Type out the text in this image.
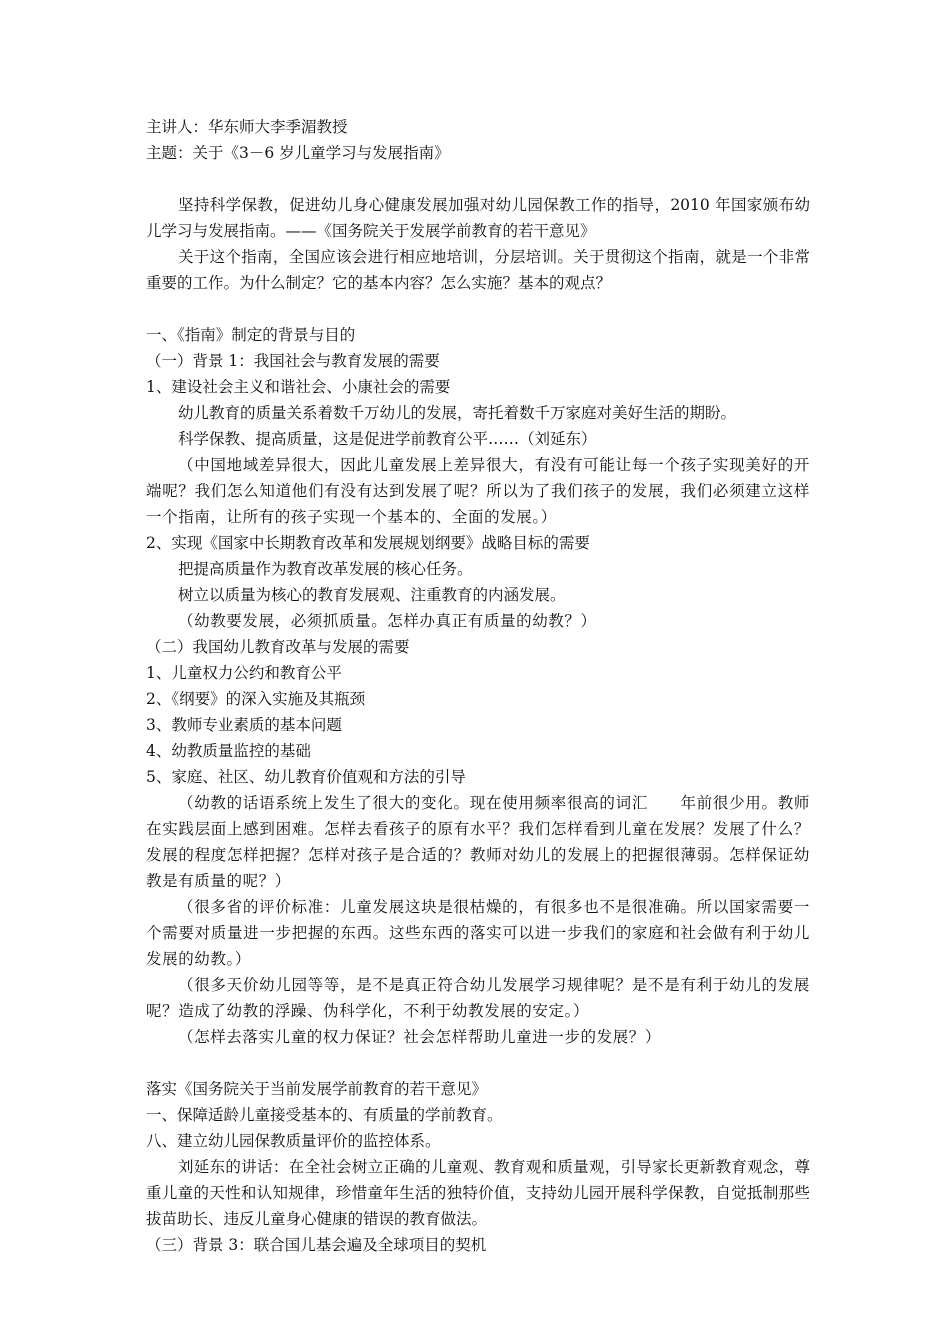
主讲人：华东师大李季湄教授
主题：关于《3－6 岁儿童学习与发展指南》
坚持科学保教，促进幼儿身心健康发展加强对幼儿园保教工作的指导，2010 年国家颁布幼儿学习与发展指南。——《国务院关于发展学前教育的若干意见》
关于这个指南，全国应该会进行相应地培训，分层培训。关于贯彻这个指南，就是一个非常重要的工作。为什么制定？它的基本内容？怎么实施？基本的观点？
一、《指南》制定的背景与目的
（一）背景 1：我国社会与教育发展的需要
1、建设社会主义和谐社会、小康社会的需要
幼儿教育的质量关系着数千万幼儿的发展，寄托着数千万家庭对美好生活的期盼。
科学保教、提高质量，这是促进学前教育公平……（刘延东）
（中国地域差异很大，因此儿童发展上差异很大，有没有可能让每一个孩子实现美好的开端呢？我们怎么知道他们有没有达到发展了呢？所以为了我们孩子的发展，我们必须建立这样一个指南，让所有的孩子实现一个基本的、全面的发展。）
2、实现《国家中长期教育改革和发展规划纲要》战略目标的需要
把提高质量作为教育改革发展的核心任务。
树立以质量为核心的教育发展观、注重教育的内涵发展。
（幼教要发展，必须抓质量。怎样办真正有质量的幼教？）
（二）我国幼儿教育改革与发展的需要
1、儿童权力公约和教育公平
2、《纲要》的深入实施及其瓶颈
3、教师专业素质的基本问题
4、幼教质量监控的基础
5、家庭、社区、幼儿教育价值观和方法的引导
（幼教的话语系统上发生了很大的变化。现在使用频率很高的词汇　　年前很少用。教师在实践层面上感到困难。怎样去看孩子的原有水平？我们怎样看到儿童在发展？发展了什么？发展的程度怎样把握？怎样对孩子是合适的？教师对幼儿的发展上的把握很薄弱。怎样保证幼教是有质量的呢？）
（很多省的评价标准：儿童发展这块是很枯燥的，有很多也不是很准确。所以国家需要一个需要对质量进一步把握的东西。这些东西的落实可以进一步我们的家庭和社会做有利于幼儿发展的幼教。）
（很多天价幼儿园等等，是不是真正符合幼儿发展学习规律呢？是不是有利于幼儿的发展呢？造成了幼教的浮躁、伪科学化，不利于幼教发展的安定。）
（怎样去落实儿童的权力保证？社会怎样帮助儿童进一步的发展？）
落实《国务院关于当前发展学前教育的若干意见》
一、保障适龄儿童接受基本的、有质量的学前教育。
八、建立幼儿园保教质量评价的监控体系。
刘延东的讲话：在全社会树立正确的儿童观、教育观和质量观，引导家长更新教育观念，尊重儿童的天性和认知规律，珍惜童年生活的独特价值，支持幼儿园开展科学保教，自觉抵制那些拔苗助长、违反儿童身心健康的错误的教育做法。
（三）背景 3：联合国儿基会遍及全球项目的契机
